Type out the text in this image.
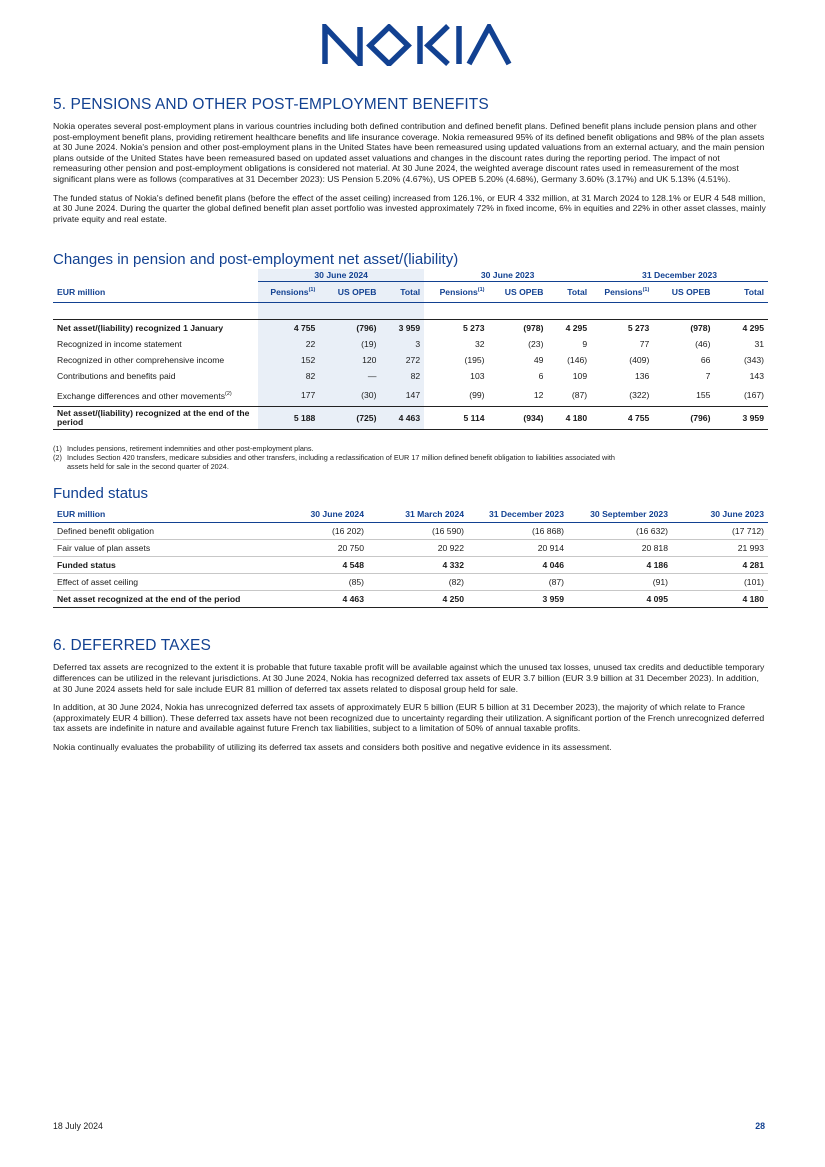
5. PENSIONS AND OTHER POST-EMPLOYMENT BENEFITS

Nokia operates several post-employment plans in various countries including both defined contribution and defined benefit plans. Defined benefit plans include pension plans and other post-employment benefit plans, providing retirement healthcare benefits and life insurance coverage. Nokia remeasured 95% of its defined benefit obligations and 98% of the plan assets at 30 June 2024. Nokia's pension and other post-employment plans in the United States have been remeasured using updated valuations from an external actuary, and the main pension plans outside of the United States have been remeasured based on updated asset valuations and changes in the discount rates during the reporting period. The impact of not remeasuring other pension and post-employment obligations is considered not material. At 30 June 2024, the weighted average discount rates used in remeasurement of the most significant plans were as follows (comparatives at 31 December 2023): US Pension 5.20% (4.67%), US OPEB 5.20% (4.68%), Germany 3.60% (3.17%) and UK 5.13% (4.51%).

The funded status of Nokia's defined benefit plans (before the effect of the asset ceiling) increased from 126.1%, or EUR 4 332 million, at 31 March 2024 to 128.1% or EUR 4 548 million, at 30 June 2024. During the quarter the global defined benefit plan asset portfolio was invested approximately 72% in fixed income, 6% in equities and 22% in other asset classes, mainly private equity and real estate.

Changes in pension and post-employment net asset/(liability)
	30 June 2024			30 June 2023			31 December 2023		
EUR million	Pensions$^{(1)}$	US OPEB	Total	Pensions$^{(1)}$	US OPEB	Total	Pensions$^{(1)}$	US OPEB	Total

Net asset/(liability) recognized 1 January	4 755	(796)	3 959	5 273	(978)	4 295	5 273	(978)	4 295
Recognized in income statement	22	(19)	3	32	(23)	9	77	(46)	31
Recognized in other comprehensive income	152	120	272	(195)	49	(146)	(409)	66	(343)
Contributions and benefits paid	82	—	82	103	6	109	136	7	143
Exchange differences and other movements$^{(2)}$	177	(30)	147	(99)	12	(87)	(322)	155	(167)
Net asset/(liability) recognized at the end of the period	5 188	(725)	4 463	5 114	(934)	4 180	4 755	(796)	3 959

(1) Includes pensions, retirement indemnities and other post-employment plans.

(2) Includes Section 420 transfers, medicare subsidies and other transfers, including a reclassification of EUR 17 million defined benefit obligation to liabilities associated with
assets held for sale in the second quarter of 2024.

Funded status
EUR million	30 June 2024	31 March 2024	31 December 2023	30 September 2023	30 June 2023
Defined benefit obligation	(16 202)	(16 590)	(16 868)	(16 632)	(17 712)
Fair value of plan assets	20 750	20 922	20 914	20 818	21 993
Funded status	4 548	4 332	4 046	4 186	4 281
Effect of asset ceiling	(85)	(82)	(87)	(91)	(101)
Net asset recognized at the end of the period	4 463	4 250	3 959	4 095	4 180
6. DEFERRED TAXES

Deferred tax assets are recognized to the extent it is probable that future taxable profit will be available against which the unused tax losses, unused tax credits and deductible temporary differences can be utilized in the relevant jurisdictions. At 30 June 2024, Nokia has recognized deferred tax assets of EUR 3.7 billion (EUR 3.9 billion at 31 December 2023). In addition, at 30 June 2024 assets held for sale include EUR 81 million of deferred tax assets related to disposal group held for sale.

In addition, at 30 June 2024, Nokia has unrecognized deferred tax assets of approximately EUR 5 billion (EUR 5 billion at 31 December 2023), the majority of which relate to France (approximately EUR 4 billion). These deferred tax assets have not been recognized due to uncertainty regarding their utilization. A significant portion of the French unrecognized deferred tax assets are indefinite in nature and available against future French tax liabilities, subject to a limitation of 50% of annual taxable profits.

Nokia continually evaluates the probability of utilizing its deferred tax assets and considers both positive and negative evidence in its assessment.

18 July 2024	28
